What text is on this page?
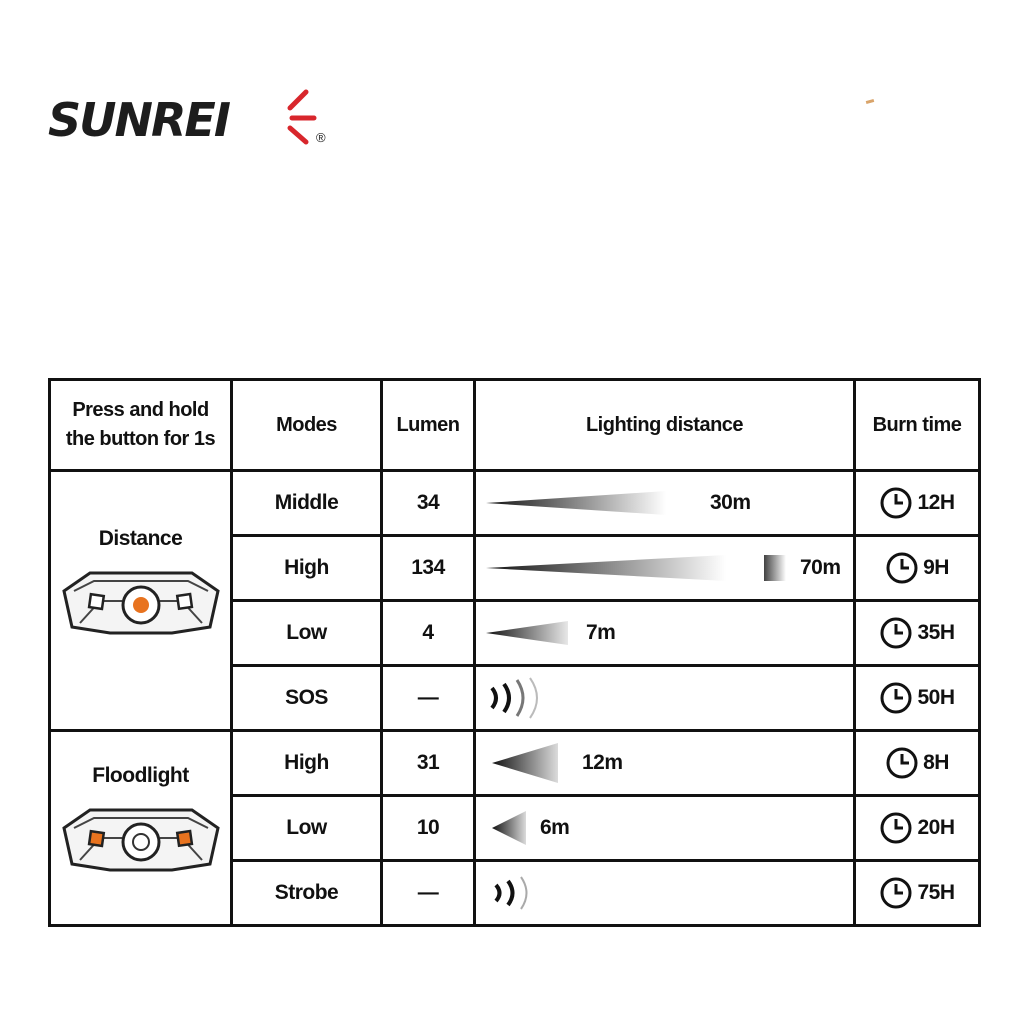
SUNREI	®
Press and hold
the button for 1s	Modes	Lumen	Lighting distance	Burn time

Distance	Middle	34	30m	12H

	High	134	70m	9H

	Low	4	7m	35H

	SOS	—		50H

Floodlight	High	31	12m	8H

	Low	10	6m	20H

	Strobe	—		75H
